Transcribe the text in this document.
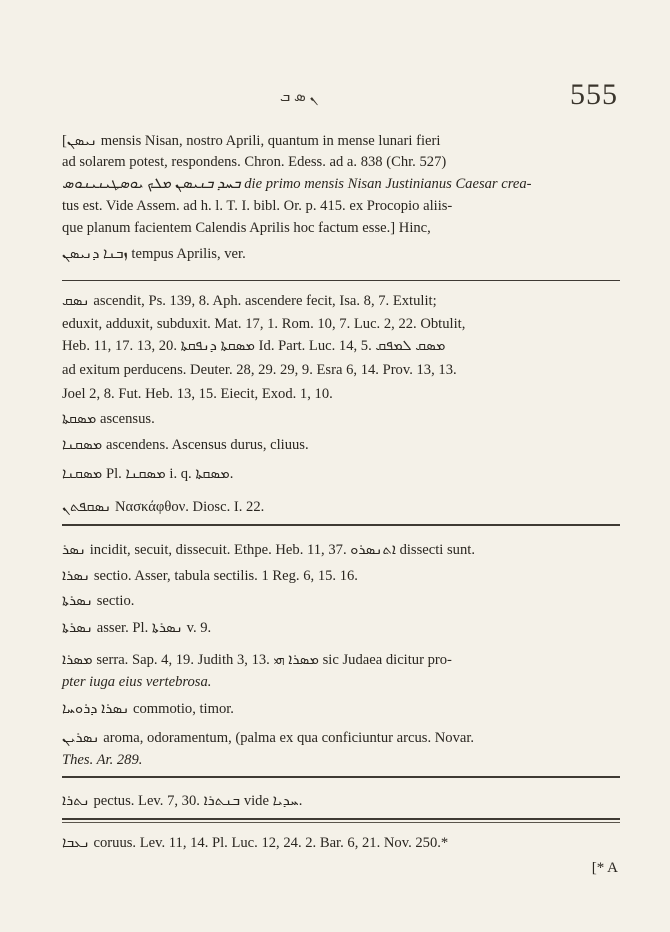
ܢ ܣ ܒ	555
[ܢܝܣܢ mensis Nisan, nostro Aprili, quantum in mense lunari fieri
ad solarem potest, respondens. Chron. Edess. ad a. 838 (Chr. 527)
ܒܚܕ ܒܢܝܣܢ ܡܠܟ ܝܘܣܛܝܢܝܢܘܣ die primo mensis Nisan Justinianus Caesar crea-
tus est. Vide Assem. ad h. l. T. I. bibl. Or. p. 415. ex Procopio aliis-
que planum facientem Calendis Aprilis hoc factum esse.] Hinc,
ܙܒܢܐ ܕܢܝܣܢ tempus Aprilis, ver.
ܢܣܩ ascendit, Ps. 139, 8. Aph. ascendere fecit, Isa. 8, 7. Extulit;
eduxit, adduxit, subduxit. Mat. 17, 1. Rom. 10, 7. Luc. 2, 22. Obtulit,
Heb. 11, 17. 13, 20. ܡܣܩܬܐ ܕܢܦܩܬܐ Id. Part. Luc. 14, 5. ܡܣܩ ܠܡܦܩ
ad exitum perducens. Deuter. 28, 29. 29, 9. Esra 6, 14. Prov. 13, 13.
Joel 2, 8. Fut. Heb. 13, 15. Eiecit, Exod. 1, 10.
ܡܣܩܬܐ ascensus.
ܡܣܩܢܐ ascendens. Ascensus durus, cliuus.
ܡܣܩܢܐ Pl. ܡܣܩܢܐ i. q. ܡܣܩܬܐ.
ܢܣܩܦܬܢ Νασκάφθον. Diosc. I. 22.
ܢܣܪ incidit, secuit, dissecuit. Ethpe. Heb. 11, 37. ܐܬܢܣܪܘ dissecti sunt.
ܢܣܪܐ sectio. Asser, tabula sectilis. 1 Reg. 6, 15. 16.
ܢܣܪܬܐ sectio.
ܢܣܪܬܐ asser. Pl. ܢܣܪܬܐ v. 9.
ܡܣܪܐ serra. Sap. 4, 19. Judith 3, 13. ܡܣܪܐ ܗܝ sic Judaea dicitur pro-
pter iuga eius vertebrosa.
ܢܣܪܐ ܕܪܘܚܐ commotio, timor.
ܢܣܪܝܢ aroma, odoramentum, (palma ex qua conficiuntur arcus. Novar.
Thes. Ar. 289.
ܢܬܪܐ pectus. Lev. 7, 30. ܒܢܬܪܐ vide ܚܕܝܐ.
ܢܥܒܐ coruus. Lev. 11, 14. Pl. Luc. 12, 24. 2. Bar. 6, 21. Nov. 250.*
[* A
